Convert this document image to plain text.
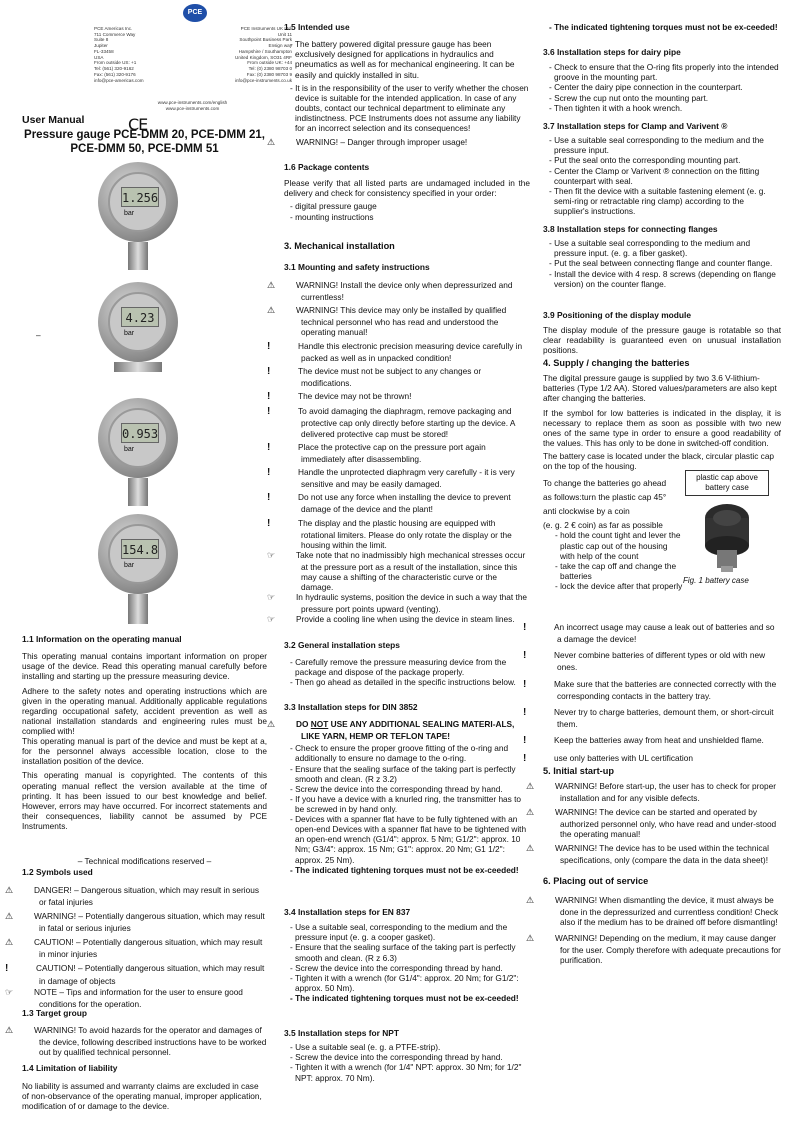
PCE
PCE Americas Inc.
711 Commerce Way
Suite 8
Jupiter
FL-33458
USA
From outside US: +1
Tel: (561) 320-9162
Fax: (561) 320-9176
info@pce-americas.com
PCE Instruments UK Ltd.
Unit 11
Southpoint Business Park
Ensign way
Hampshire / Southampton
United Kingdom, SO31 4RF
From outside UK: +44
Tel: (0) 2380 98703 0
Fax: (0) 2380 98703 9
info@pce-instruments.co.uk
www.pce-instruments.com/english
www.pce-instruments.com
CE
User Manual
Pressure gauge PCE-DMM 20, PCE-DMM 21,
PCE-DMM 50, PCE-DMM 51
1.256
bar
4.23
bar
–
0.953
bar
154.8
bar
1.1 Information on the operating manual

This operating manual contains important information on proper usage of the device. Read this operating manual carefully before installing and starting up the pressure measuring device.

Adhere to the safety notes and operating instructions which are given in the operating manual. Additionally applicable regulations regarding occupational safety, accident prevention as well as national installation standards and engineering rules must be complied with!

This operating manual is part of the device and must be kept at a, for the personnel always accessible location, close to the installation position of the device.

This operating manual is copyrighted. The contents of this operating manual reflect the version available at the time of printing. It has been issued to our best knowledge and belief. However, errors may have occurred. For incorrect statements and their consequences, liability cannot be assumed by PCE Instruments.

– Technical modifications reserved –
1.2 Symbols used
⚠	DANGER! – Dangerous situation, which may result in serious or fatal injuries
⚠	WARNING! – Potentially dangerous situation, which may result in fatal or serious injuries
⚠	CAUTION! – Potentially dangerous situation, which may result in minor injuries
!	CAUTION! – Potentially dangerous situation, which may result in damage of objects
☞	NOTE – Tips and information for the user to ensure good conditions for the operation.
1.3 Target group
⚠	WARNING! To avoid hazards for the operator and damages of the device, following described instructions have to be worked out by qualified technical personnel.
1.4 Limitation of liability

No liability is assumed and warranty claims are excluded in case of non-observance of the operating manual, improper application, modification of or damage to the device.

1.5 Intended use
- The battery powered digital pressure gauge has been exclusively designed for applications in hydraulics and pneumatics as well as for mechanical engineering. It can be easily and quickly installed in situ.
- It is in the responsibility of the user to verify whether the chosen device is suitable for the intended application. In case of any doubts, contact our technical department to eliminate any indistinctness. PCE Instruments does not assume any liability for an incorrect selection and its consequences!
⚠	WARNING! – Danger through improper usage!
1.6 Package contents

Please verify that all listed parts are undamaged included in the delivery and check for consistency specified in your order:

- digital pressure gauge
- mounting instructions
3. Mechanical installation
3.1 Mounting and safety instructions
⚠	WARNING! Install the device only when depressurized and currentless!
⚠	WARNING! This device may only be installed by qualified technical personnel who has read and understood the operating manual!
!	Handle this electronic precision measuring device carefully in packed as well as in unpacked condition!
!	The device must not be subject to any changes or modifications.
!	The device may not be thrown!
!	To avoid damaging the diaphragm, remove packaging and protective cap only directly before starting up the device. A delivered protective cap must be stored!
!	Place the protective cap on the pressure port again immediately after disassembling.
!	Handle the unprotected diaphragm very carefully - it is very sensitive and may be easily damaged.
!	Do not use any force when installing the device to prevent damage of the device and the plant!
!	The display and the plastic housing are equipped with rotational limiters. Please do only rotate the display or the housing within the limit.
☞	Take note that no inadmissibly high mechanical stresses occur at the pressure port as a result of the installation, since this may cause a shifting of the characteristic curve or the damage.
☞	In hydraulic systems, position the device in such a way that the pressure port points upward (venting).
☞	Provide a cooling line when using the device in steam lines.
3.2 General installation steps
- Carefully remove the pressure measuring device from the package and dispose of the package properly.
- Then go ahead as detailed in the specific instructions below.
3.3 Installation steps for DIN 3852
⚠	DO NOT USE ANY ADDITIONAL SEALING MATERI-ALS, LIKE YARN, HEMP OR TEFLON TAPE!
- Check to ensure the proper groove fitting of the o-ring and additionally to ensure no damage to the o-ring.
- Ensure that the sealing surface of the taking part is perfectly smooth and clean. (R z 3.2)
- Screw the device into the corresponding thread by hand.
- If you have a device with a knurled ring, the transmitter has to be screwed in by hand only.
- Devices with a spanner flat have to be fully tightened with an open-end Devices with a spanner flat have to be tightened with an open-end wrench (G1/4": approx. 5 Nm; G1/2": approx. 10 Nm; G3/4": approx. 15 Nm; G1": approx. 20 Nm; G1 1/2": approx. 25 Nm).
- The indicated tightening torques must not be ex-ceeded!
3.4 Installation steps for EN 837
- Use a suitable seal, corresponding to the medium and the pressure input (e. g. a cooper gasket).
- Ensure that the sealing surface of the taking part is perfectly smooth and clean. (R z 6.3)
- Screw the device into the corresponding thread by hand.
- Tighten it with a wrench (for G1/4": approx. 20 Nm; for G1/2": approx. 50 Nm).
- The indicated tightening torques must not be ex-ceeded!
3.5 Installation steps for NPT
- Use a suitable seal (e. g. a PTFE-strip).
- Screw the device into the corresponding thread by hand.
- Tighten it with a wrench (for 1/4" NPT: approx. 30 Nm; for 1/2" NPT: approx. 70 Nm).
- The indicated tightening torques must not be ex-ceeded!
3.6 Installation steps for dairy pipe
- Check to ensure that the O-ring fits properly into the intended groove in the mounting part.
- Center the dairy pipe connection in the counterpart.
- Screw the cup nut onto the mounting part.
- Then tighten it with a hook wrench.
3.7 Installation steps for Clamp and Varivent ®
- Use a suitable seal corresponding to the medium and the pressure input.
- Put the seal onto the corresponding mounting part.
- Center the Clamp or Varivent ® connection on the fitting counterpart with seal.
- Then fit the device with a suitable fastening element (e. g. semi-ring or retractable ring clamp) according to the supplier's instructions.
3.8 Installation steps for connecting flanges
- Use a suitable seal corresponding to the medium and pressure input. (e. g. a fiber gasket).
- Put the seal between connecting flange and counter flange.
- Install the device with 4 resp. 8 screws (depending on flange version) on the counter flange.
3.9 Positioning of the display module

The display module of the pressure gauge is rotatable so that clear readability is guaranteed even on unusual installation positions.

4. Supply / changing the batteries

The digital pressure gauge is supplied by two 3.6 V-lithium-batteries (Type 1/2 AA). Stored values/parameters are also kept after changing the batteries.

If the symbol for low batteries is indicated in the display, it is necessary to replace them as soon as possible with two new ones of the same type in order to ensure a good readability of the values. This has only to be done in switched-off condition.

The battery case is located under the black, circular plastic cap on the top of the housing.

To change the batteries go ahead
as follows:turn the plastic cap 45°
anti clockwise by a coin
(e. g. 2 € coin) as far as possible
- hold the count tight and lever the plastic cap out of the housing with help of the count
- take the cap off and change the batteries
- lock the device after that properly
plastic cap above battery case
Fig. 1 battery case
!	An incorrect usage may cause a leak out of batteries and so a damage the device!
!	Never combine batteries of different types or old with new ones.
!	Make sure that the batteries are connected correctly with the corresponding contacts in the battery tray.
!	Never try to charge batteries, demount them, or short-circuit them.
!	Keep the batteries away from heat and unshielded flame.
!	use only batteries with UL certification
5. Initial start-up
⚠	WARNING! Before start-up, the user has to check for proper installation and for any visible defects.
⚠	WARNING! The device can be started and operated by authorized personnel only, who have read and under-stood the operating manual!
⚠	WARNING! The device has to be used within the technical specifications, only (compare the data in the data sheet)!
6. Placing out of service
⚠	WARNING! When dismantling the device, it must always be done in the depressurized and currentless condition! Check also if the medium has to be drained off before dismantling!
⚠	WARNING! Depending on the medium, it may cause danger for the user. Comply therefore with adequate precautions for purification.
